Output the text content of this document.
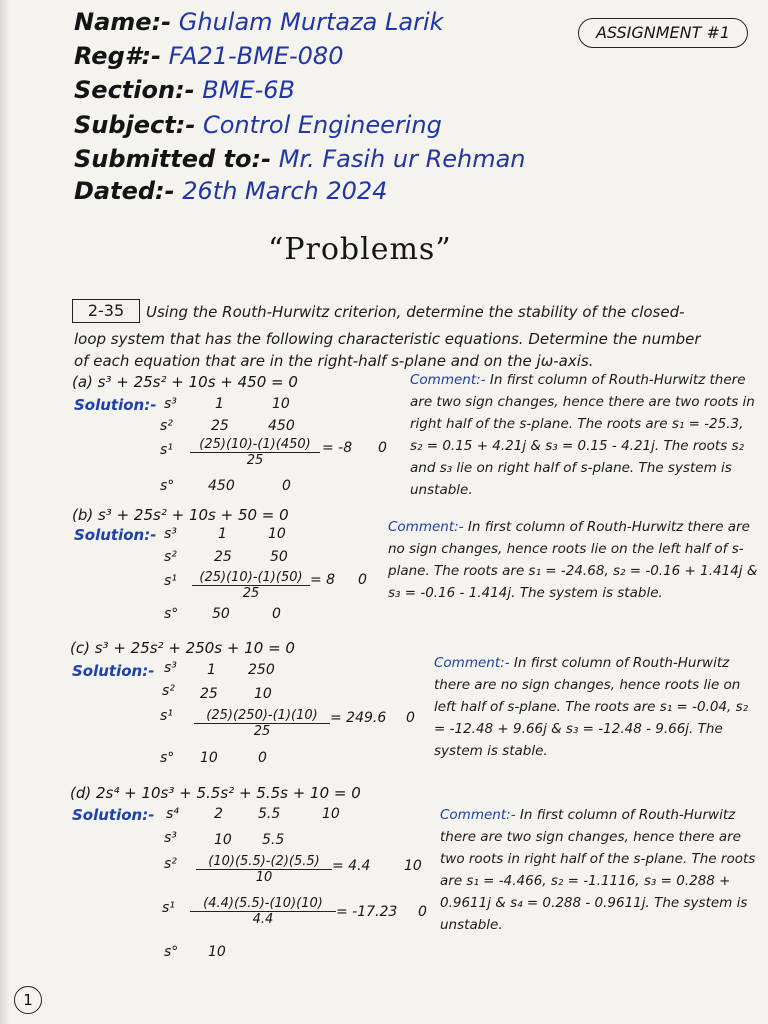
Name:- Ghulam Murtaza Larik
Reg#:- FA21-BME-080
Section:- BME-6B
Subject:- Control Engineering
Submitted to:- Mr. Fasih ur Rehman
Dated:- 26th March 2024
ASSIGNMENT #1
“Problems”
2-35	Using the Routh-Hurwitz criterion, determine the stability of the closed-
loop system that has the following characteristic equations. Determine the number
of each equation that are in the right-half s-plane and on the jω-axis.
(a) s³ + 25s² + 10s + 450 = 0
Solution:- s³	1	10
s²	25	450
$s^1 \frac{(25)(10)-(1)(450)}{25} = -8$ 0
s° 450	0
Comment:- In first column of Routh-Hurwitz there are two sign changes, hence there are two roots in right half of the s-plane. The roots are s₁ = -25.3, s₂ = 0.15 + 4.21j & s₃ = 0.15 - 4.21j. The roots s₂ and s₃ lie on right half of s-plane. The system is unstable.
(b) s³ + 25s² + 10s + 50 = 0
Solution:- s³	1	10
s²	25	50
$s^1 \frac{(25)(10)-(1)(50)}{25} = 8$ 0
s° 50	0
Comment:- In first column of Routh-Hurwitz there are no sign changes, hence roots lie on the left half of s-plane. The roots are s₁ = -24.68, s₂ = -0.16 + 1.414j & s₃ = -0.16 - 1.414j. The system is stable.
(c) s³ + 25s² + 250s + 10 = 0
Solution:- s³ 1 250
s² 25	10
$s^1 \frac{(25)(250)-(1)(10)}{25} = 249.6$ 0
s° 10	0
Comment:- In first column of Routh-Hurwitz there are no sign changes, hence roots lie on left half of s-plane. The roots are s₁ = -0.04, s₂ = -12.48 + 9.66j & s₃ = -12.48 - 9.66j. The system is stable.
(d) 2s⁴ + 10s³ + 5.5s² + 5.5s + 10 = 0
Solution:- s⁴	2	5.5	10
s³	10 5.5
$s^2 \frac{(10)(5.5)-(2)(5.5)}{10} = 4.4$ 10
$s^1 \frac{(4.4)(5.5)-(10)(10)}{4.4} = -17.23$ 0
s° 10
Comment:- In first column of Routh-Hurwitz there are two sign changes, hence there are two roots in right half of the s-plane. The roots are s₁ = -4.466, s₂ = -1.1116, s₃ = 0.288 + 0.9611j & s₄ = 0.288 - 0.9611j. The system is unstable.
1
